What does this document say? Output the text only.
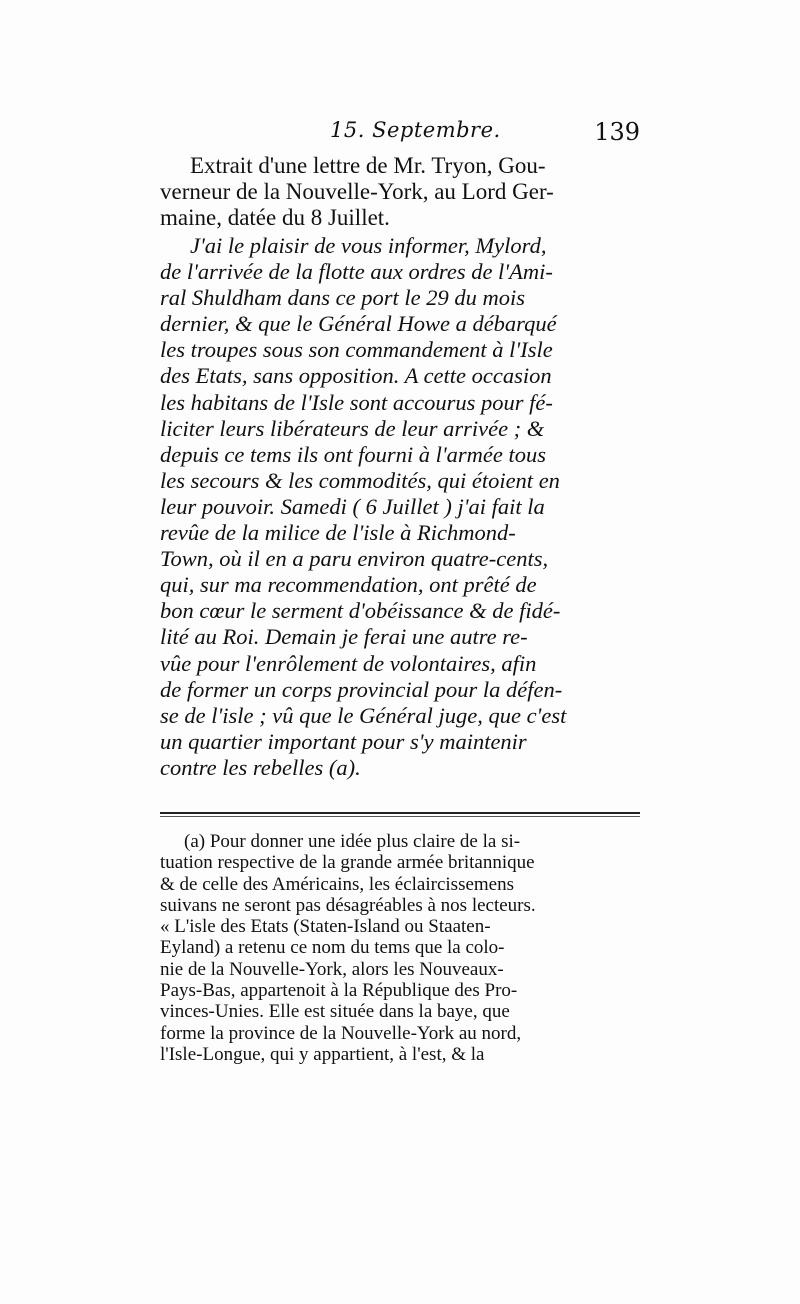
15. Septembre.	139
Extrait d'une lettre de Mr. Tryon, Gou-
verneur de la Nouvelle-York, au Lord Ger-
maine, datée du 8 Juillet.
J'ai le plaisir de vous informer, Mylord,
de l'arrivée de la flotte aux ordres de l'Ami-
ral Shuldham dans ce port le 29 du mois
dernier, & que le Général Howe a débarqué
les troupes sous son commandement à l'Isle
des Etats, sans opposition. A cette occasion
les habitans de l'Isle sont accourus pour fé-
liciter leurs libérateurs de leur arrivée ; &
depuis ce tems ils ont fourni à l'armée tous
les secours & les commodités, qui étoient en
leur pouvoir. Samedi ( 6 Juillet ) j'ai fait la
revûe de la milice de l'isle à Richmond-
Town, où il en a paru environ quatre-cents,
qui, sur ma recommendation, ont prêté de
bon cœur le serment d'obéissance & de fidé-
lité au Roi. Demain je ferai une autre re-
vûe pour l'enrôlement de volontaires, afin
de former un corps provincial pour la défen-
se de l'isle ; vû que le Général juge, que c'est
un quartier important pour s'y maintenir
contre les rebelles (a).
(a) Pour donner une idée plus claire de la si-
tuation respective de la grande armée britannique
& de celle des Américains, les éclaircissemens
suivans ne seront pas désagréables à nos lecteurs.
« L'isle des Etats (Staten-Island ou Staaten-
Eyland) a retenu ce nom du tems que la colo-
nie de la Nouvelle-York, alors les Nouveaux-
Pays-Bas, appartenoit à la République des Pro-
vinces-Unies. Elle est située dans la baye, que
forme la province de la Nouvelle-York au nord,
l'Isle-Longue, qui y appartient, à l'est, & la
